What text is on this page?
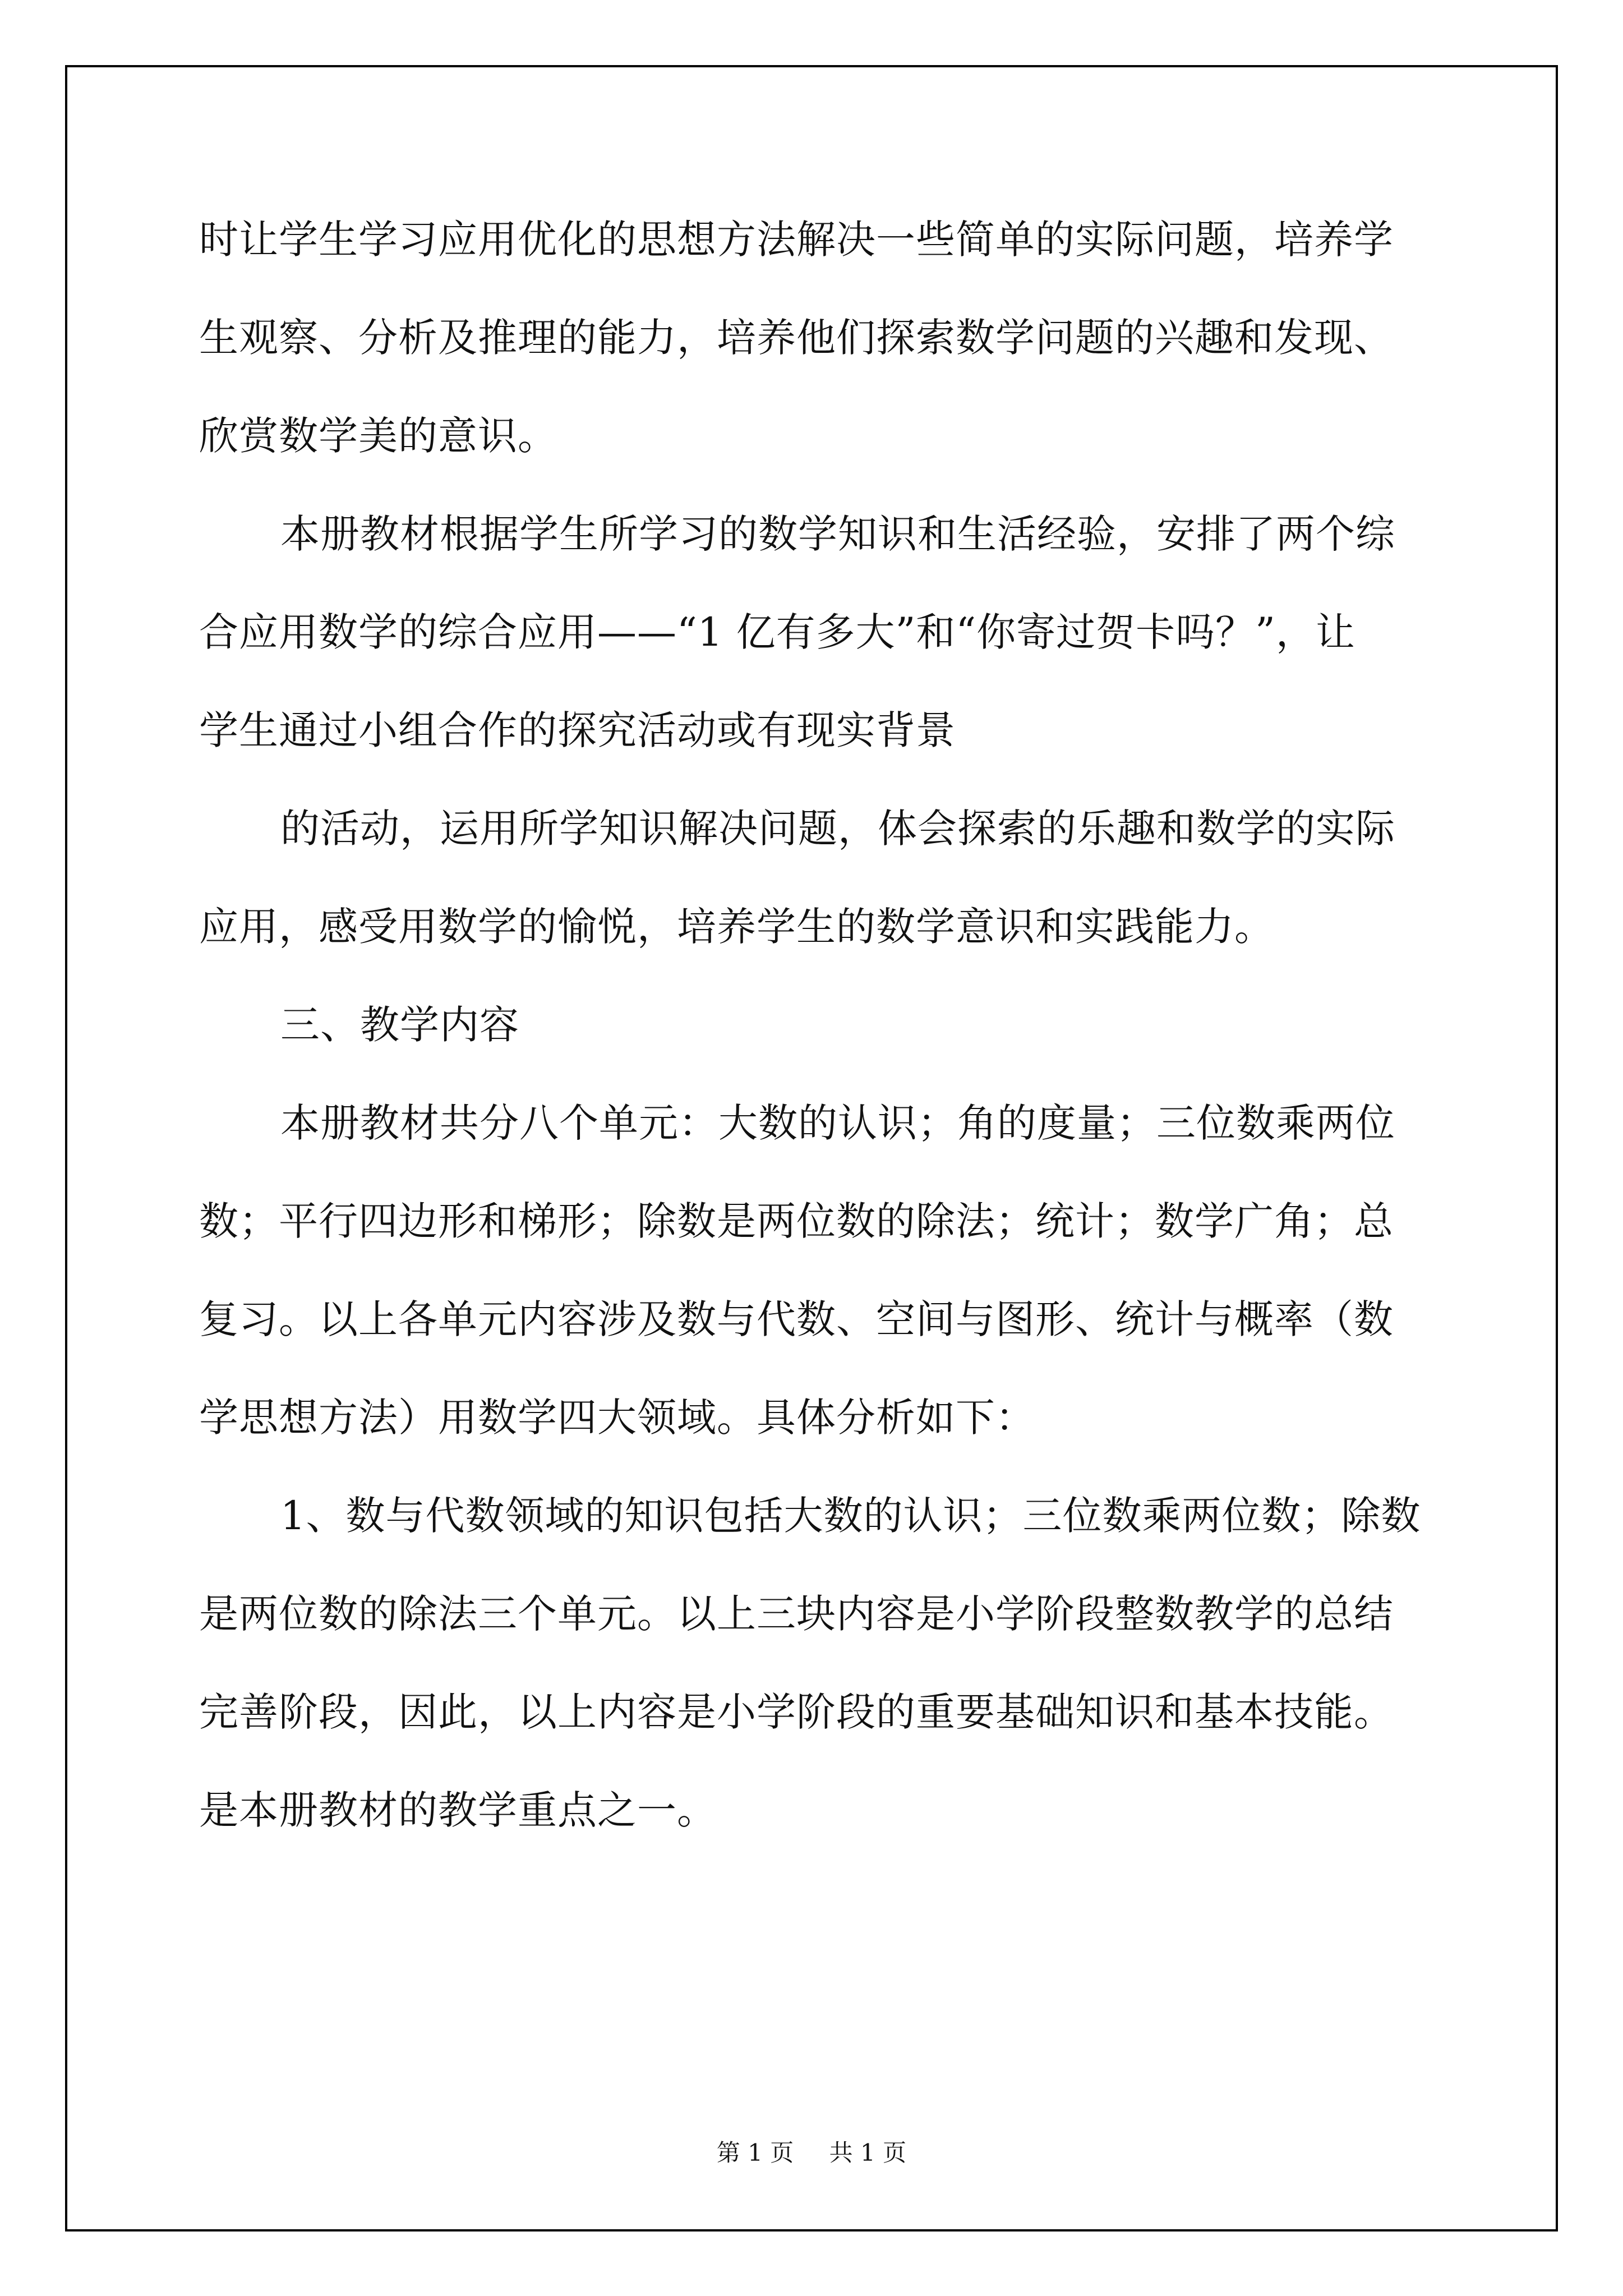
时让学生学习应用优化的思想方法解决一些简单的实际问题，培养学
生观察、分析及推理的能力，培养他们探索数学问题的兴趣和发现、
欣赏数学美的意识。
本册教材根据学生所学习的数学知识和生活经验，安排了两个综
合应用数学的综合应用——“1 亿有多大”和“你寄过贺卡吗？”，让
学生通过小组合作的探究活动或有现实背景
的活动，运用所学知识解决问题，体会探索的乐趣和数学的实际
应用，感受用数学的愉悦，培养学生的数学意识和实践能力。
三、教学内容
本册教材共分八个单元：大数的认识；角的度量；三位数乘两位
数；平行四边形和梯形；除数是两位数的除法；统计；数学广角；总
复习。以上各单元内容涉及数与代数、空间与图形、统计与概率（数
学思想方法）用数学四大领域。具体分析如下：
1、数与代数领域的知识包括大数的认识；三位数乘两位数；除数
是两位数的除法三个单元。以上三块内容是小学阶段整数教学的总结
完善阶段，因此，以上内容是小学阶段的重要基础知识和基本技能。
是本册教材的教学重点之一。
第 1 页 共 1 页
